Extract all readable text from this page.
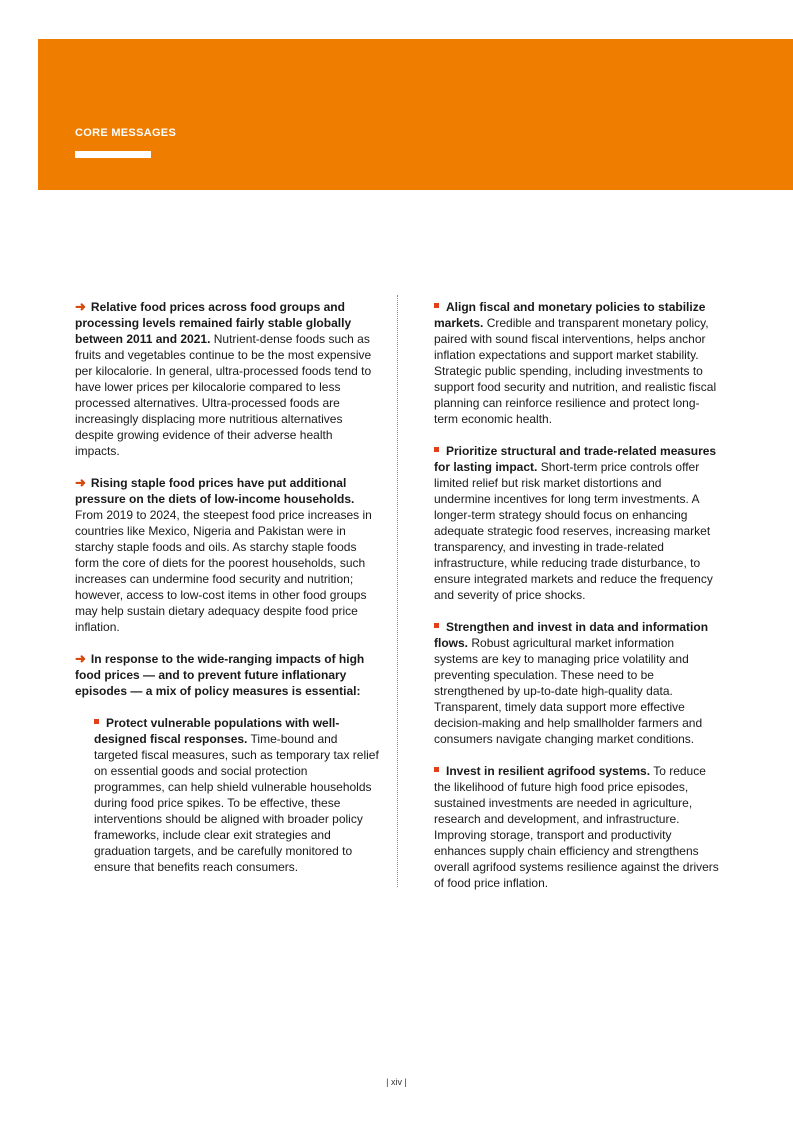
CORE MESSAGES

➜ Relative food prices across food groups and processing levels remained fairly stable globally between 2011 and 2021. Nutrient-dense foods such as fruits and vegetables continue to be the most expensive per kilocalorie. In general, ultra-processed foods tend to have lower prices per kilocalorie compared to less processed alternatives. Ultra-processed foods are increasingly displacing more nutritious alternatives despite growing evidence of their adverse health impacts.

➜ Rising staple food prices have put additional pressure on the diets of low-income households. From 2019 to 2024, the steepest food price increases in countries like Mexico, Nigeria and Pakistan were in starchy staple foods and oils. As starchy staple foods form the core of diets for the poorest households, such increases can undermine food security and nutrition; however, access to low-cost items in other food groups may help sustain dietary adequacy despite food price inflation.

➜ In response to the wide-ranging impacts of high food prices — and to prevent future inflationary episodes — a mix of policy measures is essential:

Protect vulnerable populations with well-designed fiscal responses. Time-bound and targeted fiscal measures, such as temporary tax relief on essential goods and social protection programmes, can help shield vulnerable households during food price spikes. To be effective, these interventions should be aligned with broader policy frameworks, include clear exit strategies and graduation targets, and be carefully monitored to ensure that benefits reach consumers.

Align fiscal and monetary policies to stabilize markets. Credible and transparent monetary policy, paired with sound fiscal interventions, helps anchor inflation expectations and support market stability. Strategic public spending, including investments to support food security and nutrition, and realistic fiscal planning can reinforce resilience and protect long-term economic health.

Prioritize structural and trade-related measures for lasting impact. Short-term price controls offer limited relief but risk market distortions and undermine incentives for long term investments. A longer-term strategy should focus on enhancing adequate strategic food reserves, increasing market transparency, and investing in trade-related infrastructure, while reducing trade disturbance, to ensure integrated markets and reduce the frequency and severity of price shocks.

Strengthen and invest in data and information flows. Robust agricultural market information systems are key to managing price volatility and preventing speculation. These need to be strengthened by up-to-date high-quality data. Transparent, timely data support more effective decision-making and help smallholder farmers and consumers navigate changing market conditions.

Invest in resilient agrifood systems. To reduce the likelihood of future high food price episodes, sustained investments are needed in agriculture, research and development, and infrastructure. Improving storage, transport and productivity enhances supply chain efficiency and strengthens overall agrifood systems resilience against the drivers of food price inflation.

| xiv |
